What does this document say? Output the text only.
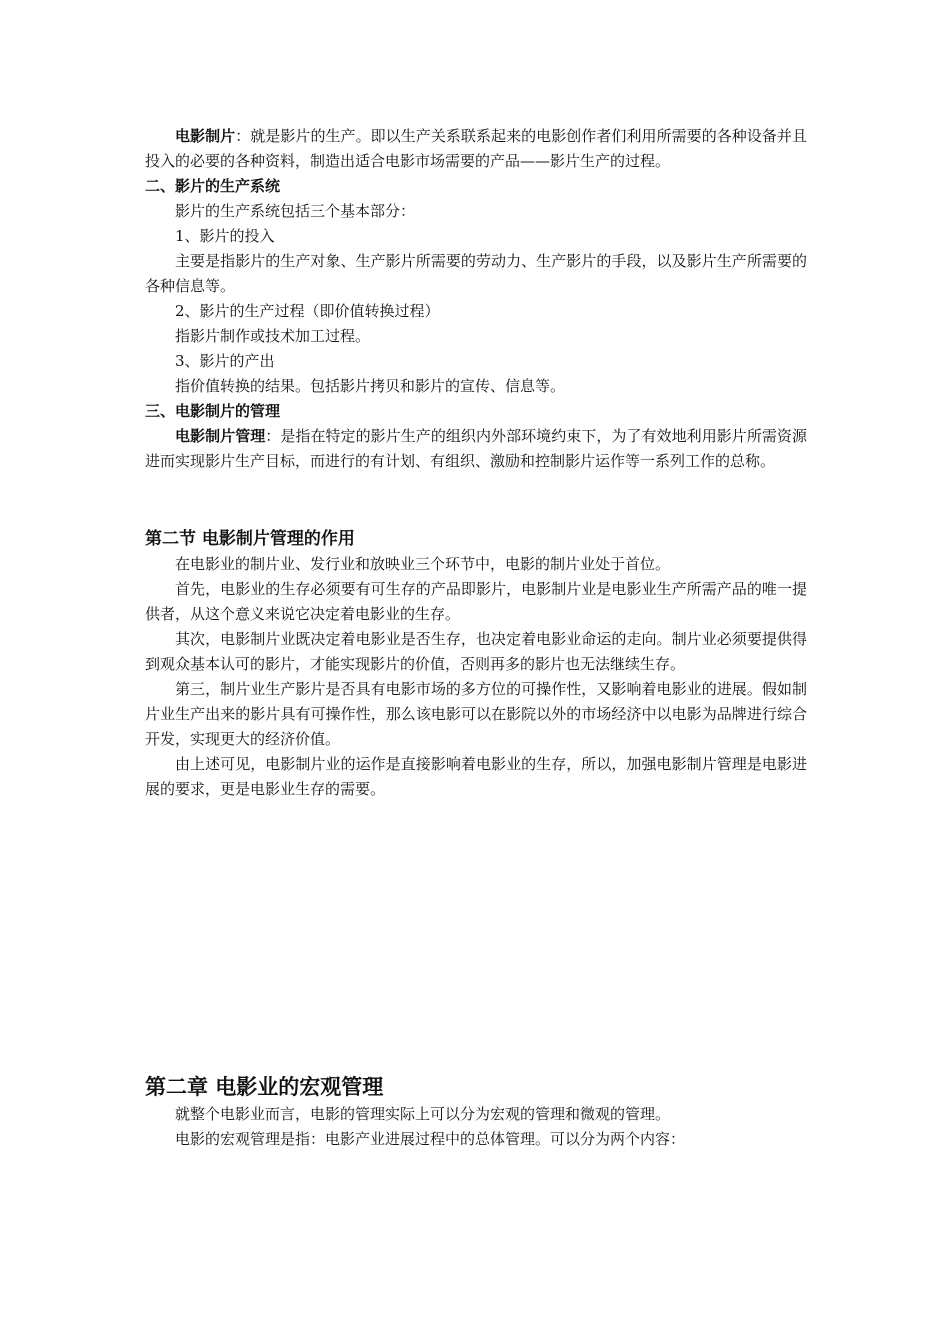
电影制片：就是影片的生产。即以生产关系联系起来的电影创作者们利用所需要的各种设备并且投入的必要的各种资料，制造出适合电影市场需要的产品——影片生产的过程。

二、影片的生产系统

影片的生产系统包括三个基本部分：

1、影片的投入

主要是指影片的生产对象、生产影片所需要的劳动力、生产影片的手段，以及影片生产所需要的各种信息等。

2、影片的生产过程（即价值转换过程）

指影片制作或技术加工过程。

3、影片的产出

指价值转换的结果。包括影片拷贝和影片的宣传、信息等。

三、电影制片的管理

电影制片管理：是指在特定的影片生产的组织内外部环境约束下，为了有效地利用影片所需资源进而实现影片生产目标，而进行的有计划、有组织、激励和控制影片运作等一系列工作的总称。

第二节 电影制片管理的作用

在电影业的制片业、发行业和放映业三个环节中，电影的制片业处于首位。

首先，电影业的生存必须要有可生存的产品即影片，电影制片业是电影业生产所需产品的唯一提供者，从这个意义来说它决定着电影业的生存。

其次，电影制片业既决定着电影业是否生存，也决定着电影业命运的走向。制片业必须要提供得到观众基本认可的影片，才能实现影片的价值，否则再多的影片也无法继续生存。

第三，制片业生产影片是否具有电影市场的多方位的可操作性，又影响着电影业的进展。假如制片业生产出来的影片具有可操作性，那么该电影可以在影院以外的市场经济中以电影为品牌进行综合开发，实现更大的经济价值。

由上述可见，电影制片业的运作是直接影响着电影业的生存，所以，加强电影制片管理是电影进展的要求，更是电影业生存的需要。

第二章 电影业的宏观管理

就整个电影业而言，电影的管理实际上可以分为宏观的管理和微观的管理。

电影的宏观管理是指：电影产业进展过程中的总体管理。可以分为两个内容：
